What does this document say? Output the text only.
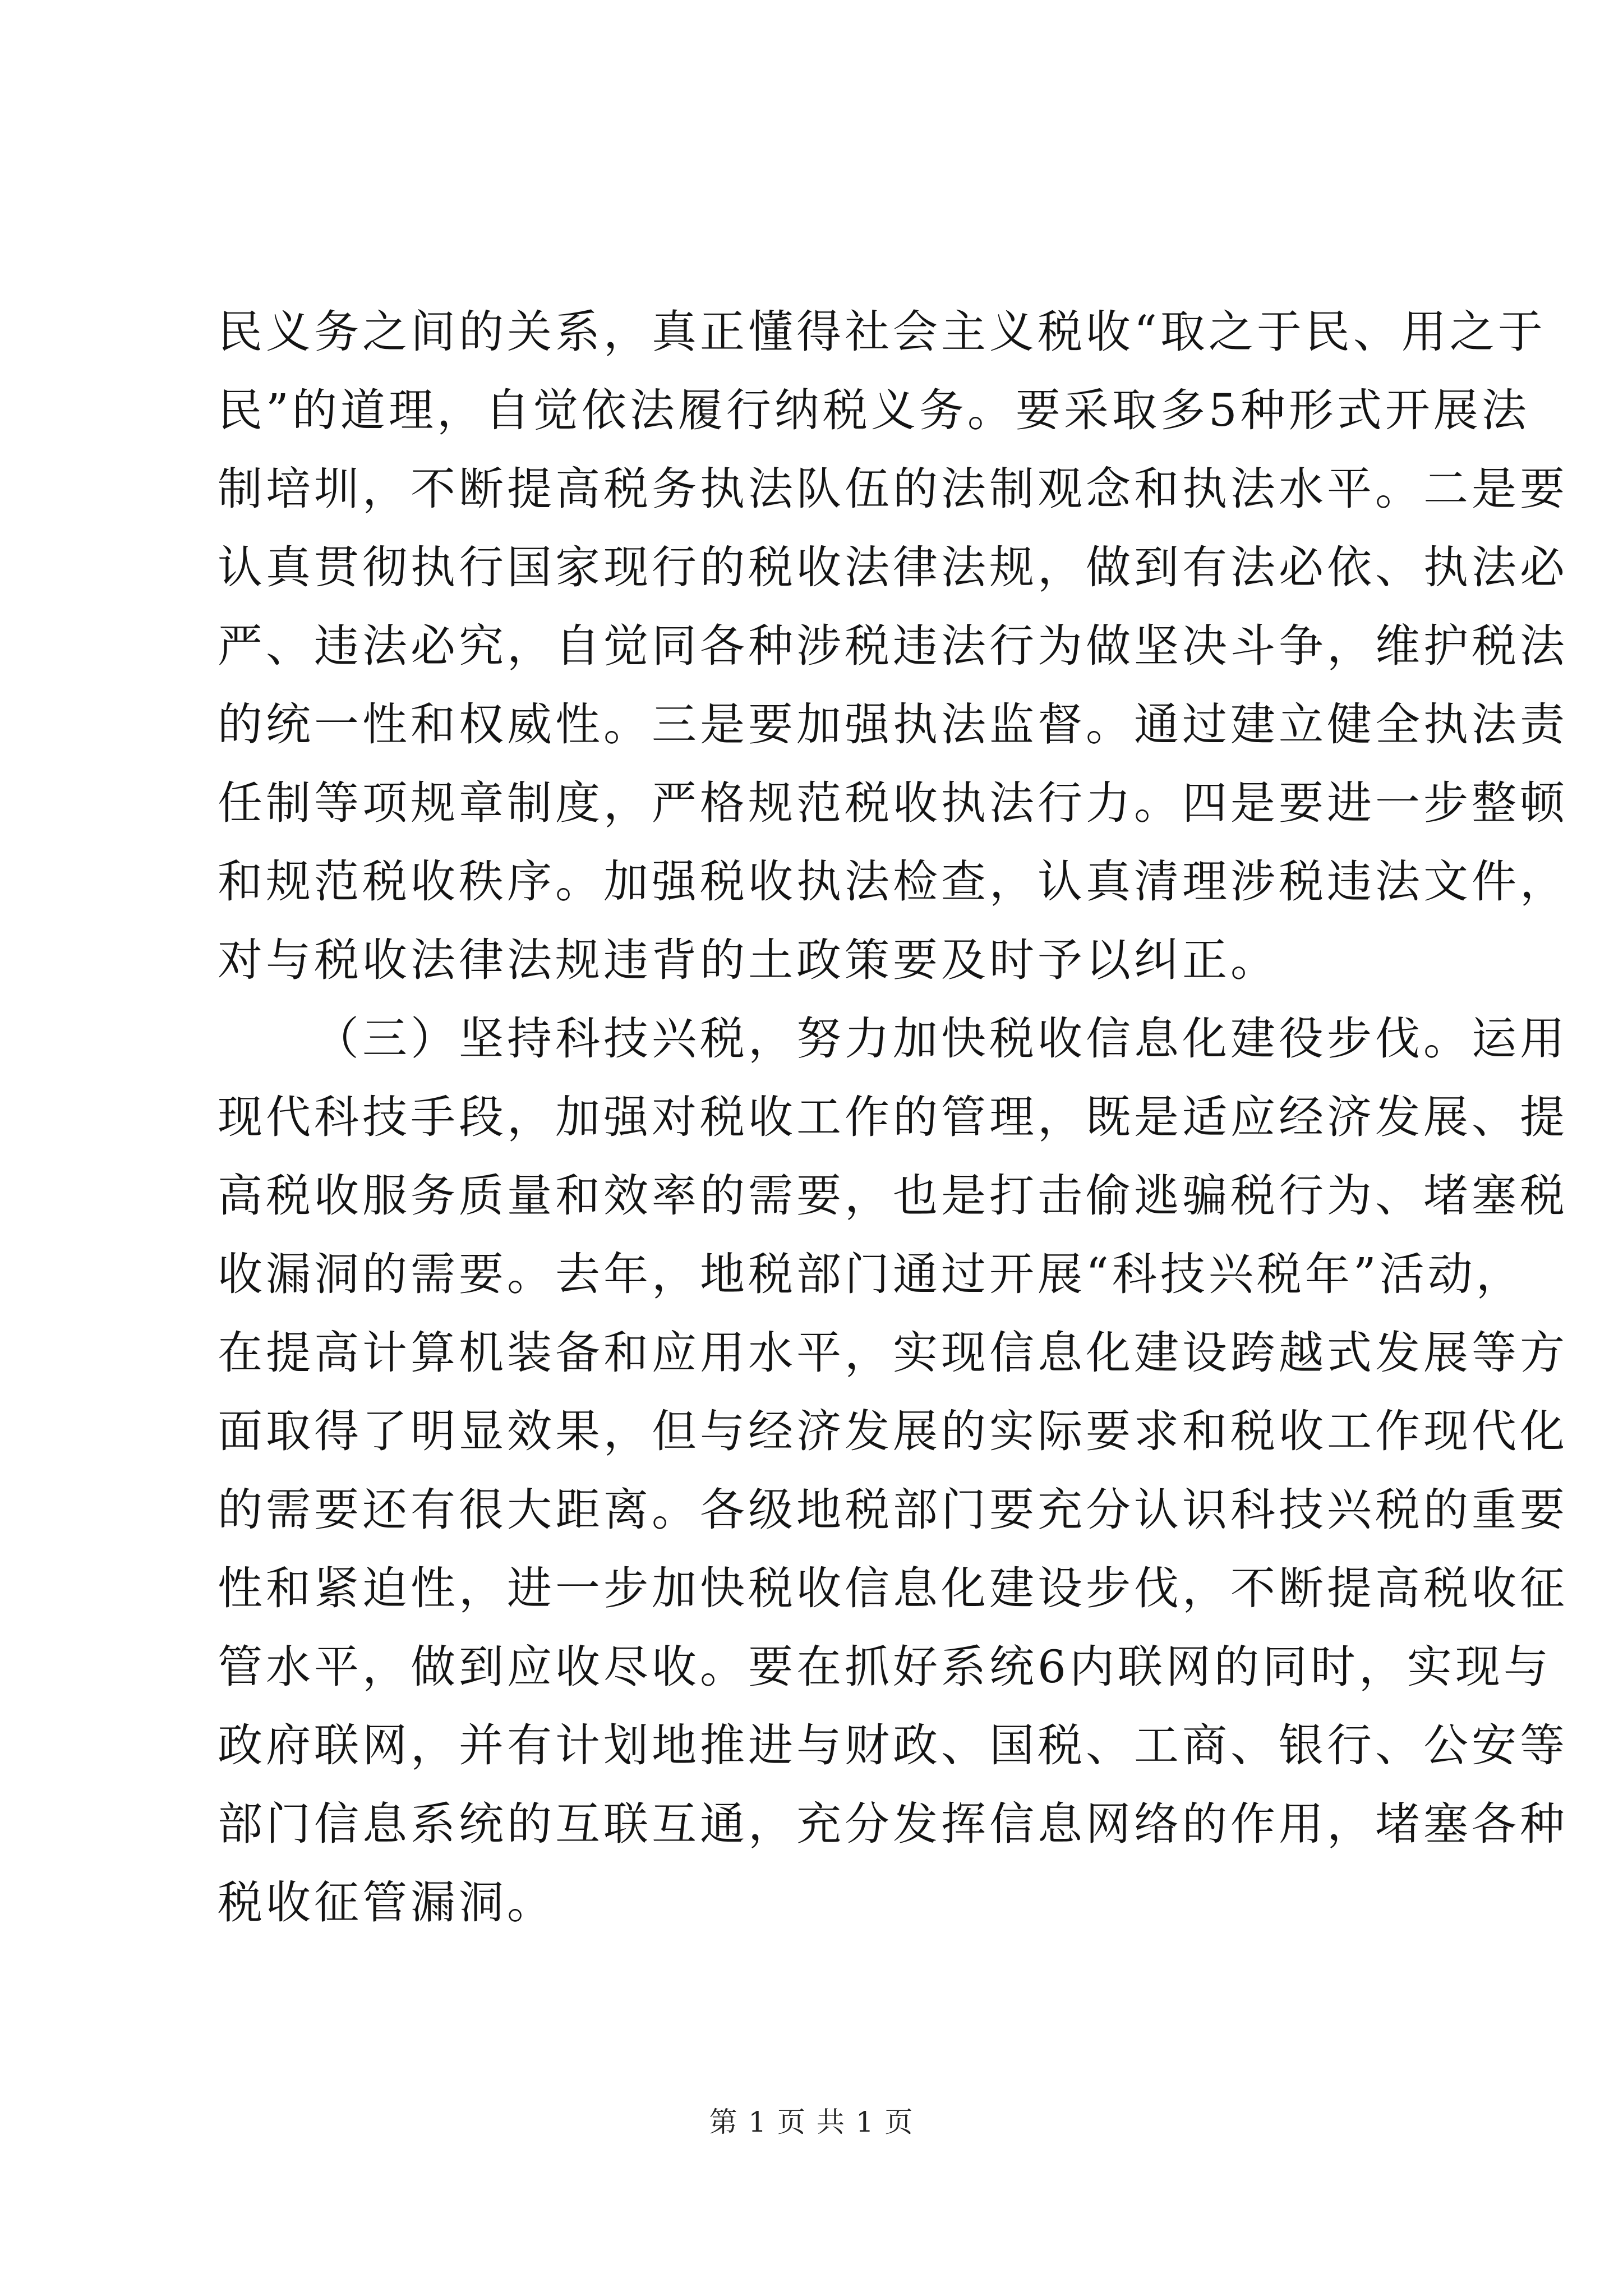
民义务之间的关系，真正懂得社会主义税收“取之于民、用之于
民”的道理，自觉依法履行纳税义务。要采取多5种形式开展法
制培圳，不断提高税务执法队伍的法制观念和执法水平。二是要
认真贯彻执行国家现行的税收法律法规，做到有法必依、执法必
严、违法必究，自觉同各种涉税违法行为做坚决斗争，维护税法
的统一性和权威性。三是要加强执法监督。通过建立健全执法责
任制等项规章制度，严格规范税收执法行力。四是要进一步整顿
和规范税收秩序。加强税收执法检查，认真清理涉税违法文件，
对与税收法律法规违背的土政策要及时予以纠正。
（三）坚持科技兴税，努力加快税收信息化建役步伐。运用
现代科技手段，加强对税收工作的管理，既是适应经济发展、提
高税收服务质量和效率的需要，也是打击偷逃骗税行为、堵塞税
收漏洞的需要。去年，地税部门通过开展“科技兴税年”活动，
在提高计算机装备和应用水平，实现信息化建设跨越式发展等方
面取得了明显效果，但与经济发展的实际要求和税收工作现代化
的需要还有很大距离。各级地税部门要充分认识科技兴税的重要
性和紧迫性，进一步加快税收信息化建设步伐，不断提高税收征
管水平，做到应收尽收。要在抓好系统6内联网的同时，实现与
政府联网，并有计划地推进与财政、国税、工商、银行、公安等
部门信息系统的互联互通，充分发挥信息网络的作用，堵塞各种
税收征管漏洞。
第 1 页 共 1 页
